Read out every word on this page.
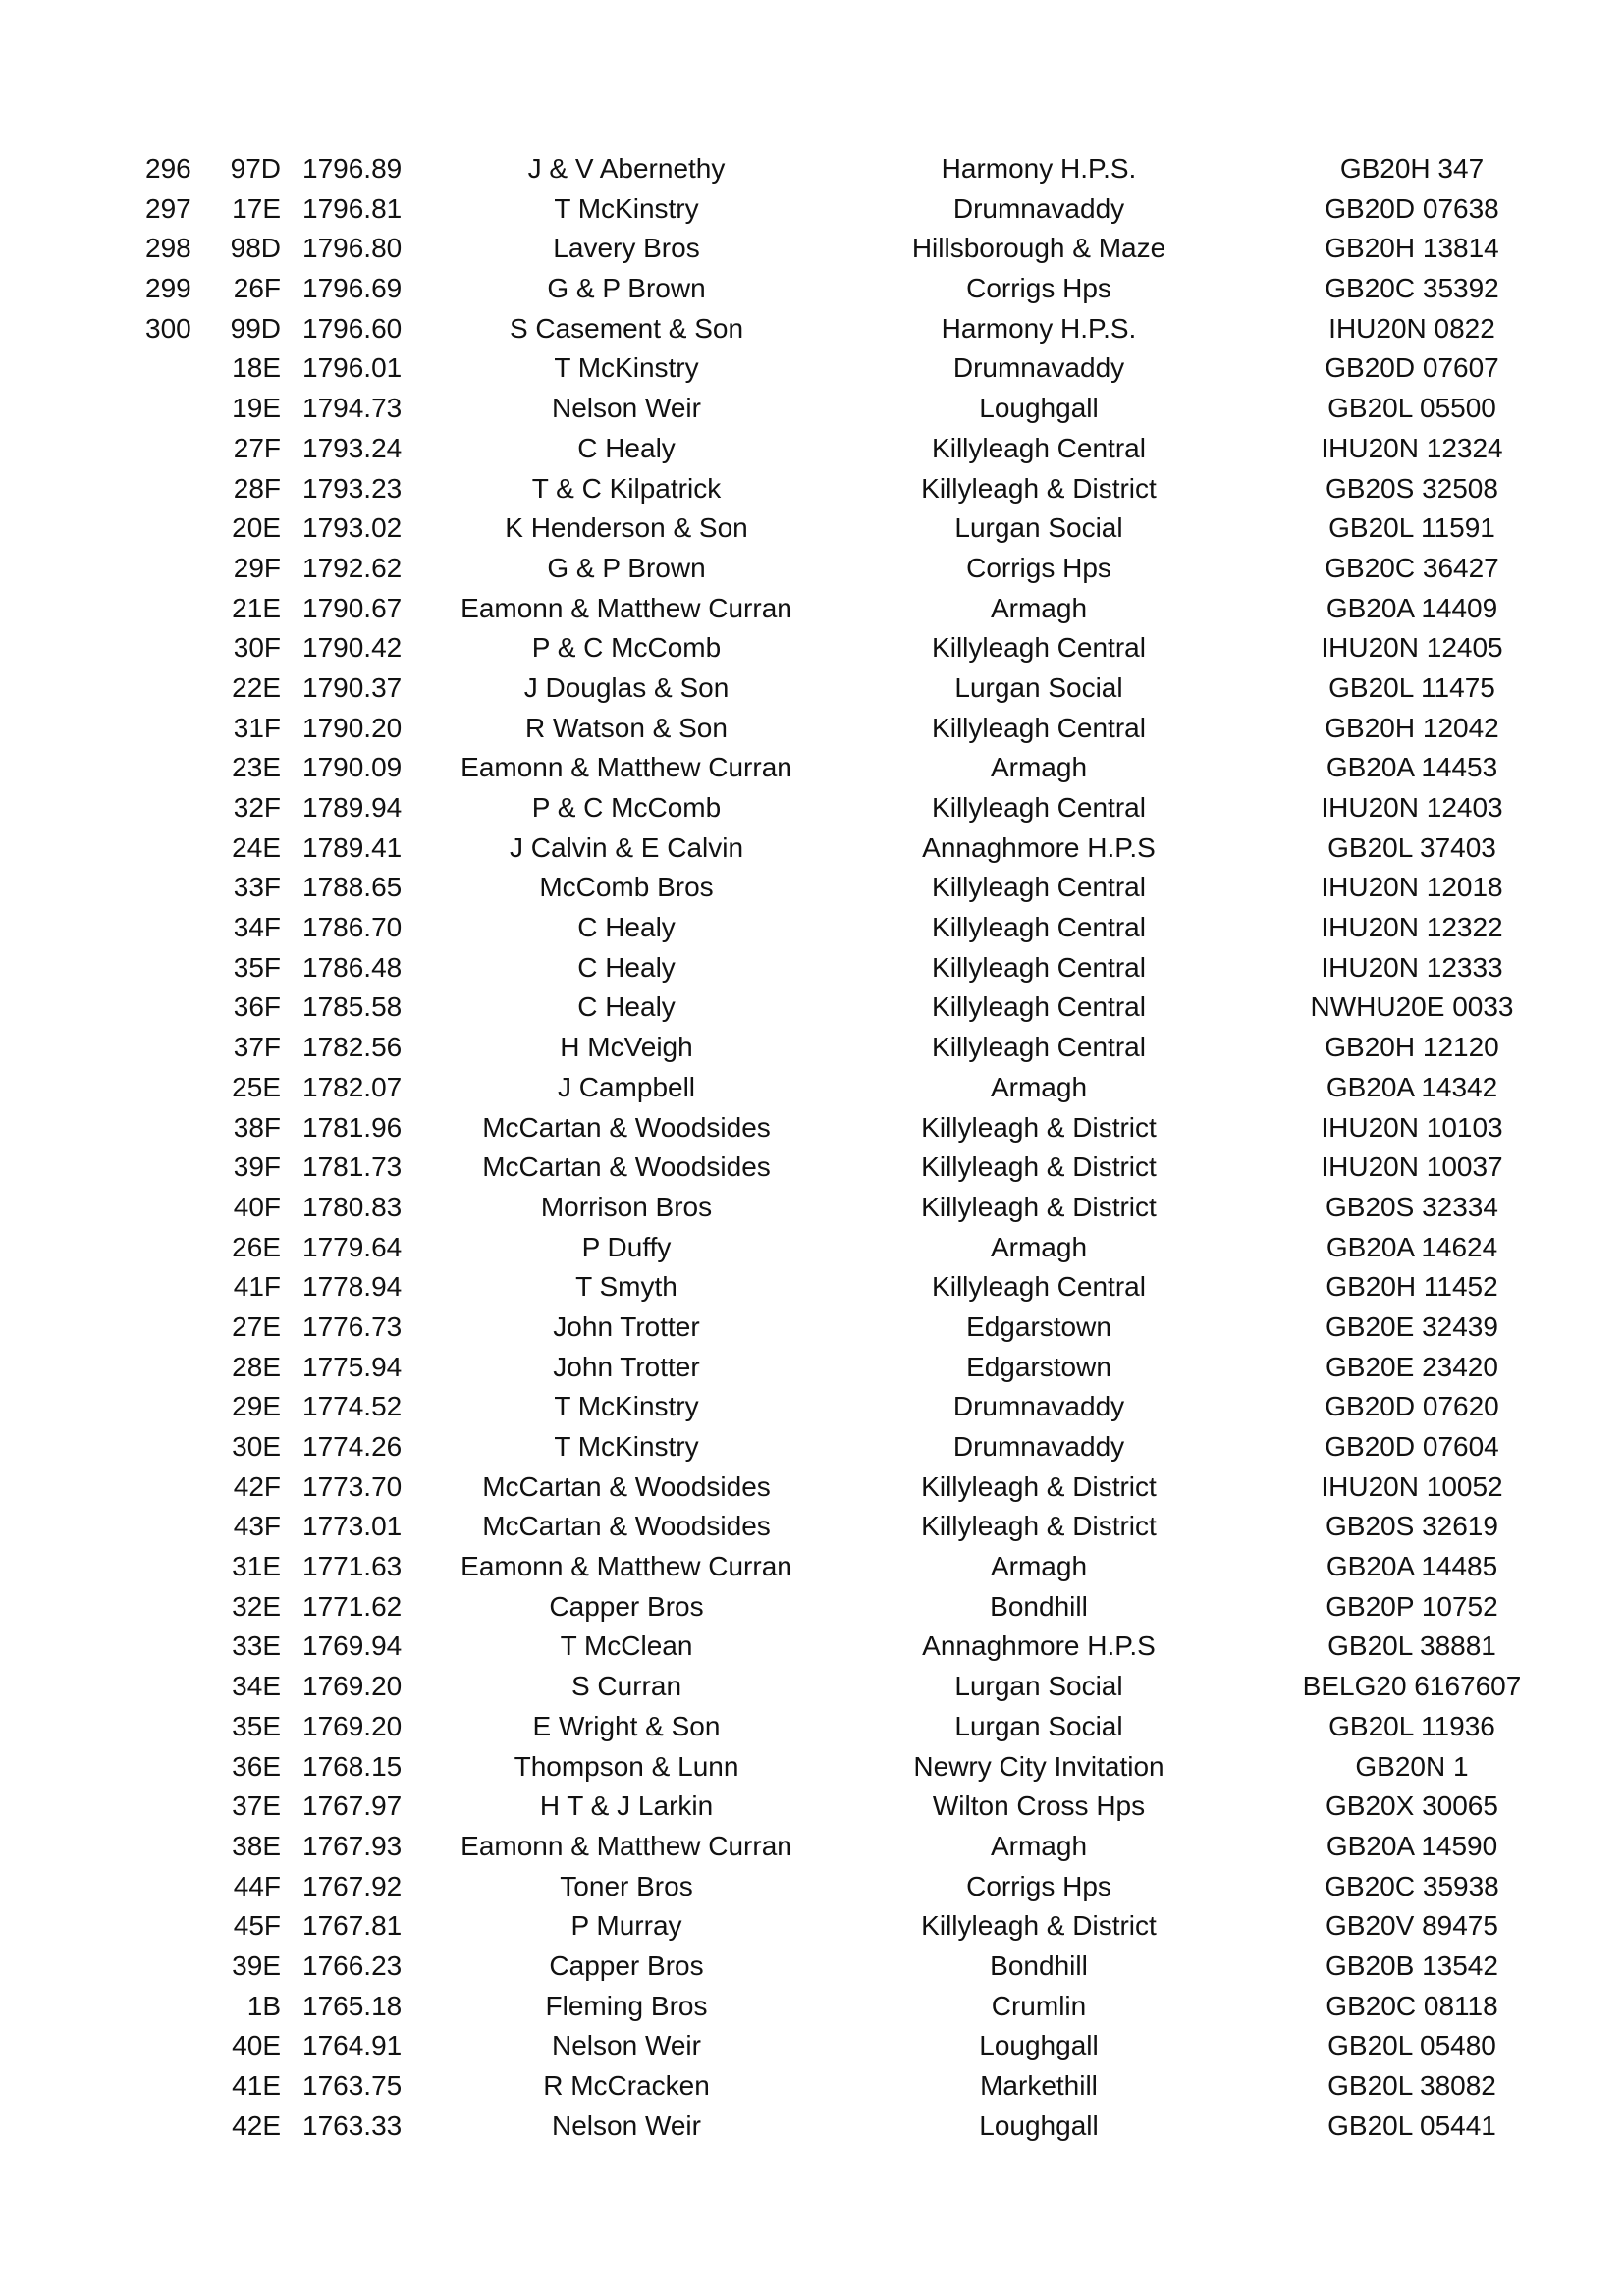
296	97D 1796.89	J & V Abernethy	Harmony H.P.S.	GB20H 347
297	17E 1796.81	T McKinstry	Drumnavaddy	GB20D 07638
298	98D 1796.80	Lavery Bros	Hillsborough & Maze	GB20H 13814
299	26F 1796.69	G & P Brown	Corrigs Hps	GB20C 35392
300	99D 1796.60	S Casement & Son	Harmony H.P.S.	IHU20N 0822
18E 1796.01	T McKinstry	Drumnavaddy	GB20D 07607
19E 1794.73	Nelson Weir	Loughgall	GB20L 05500
27F 1793.24	C Healy	Killyleagh Central	IHU20N 12324
28F 1793.23	T & C Kilpatrick	Killyleagh & District	GB20S 32508
20E 1793.02	K Henderson & Son	Lurgan Social	GB20L 11591
29F 1792.62	G & P Brown	Corrigs Hps	GB20C 36427
21E 1790.67	Eamonn & Matthew Curran	Armagh	GB20A 14409
30F 1790.42	P & C McComb	Killyleagh Central	IHU20N 12405
22E 1790.37	J Douglas & Son	Lurgan Social	GB20L 11475
31F 1790.20	R Watson & Son	Killyleagh Central	GB20H 12042
23E 1790.09	Eamonn & Matthew Curran	Armagh	GB20A 14453
32F 1789.94	P & C McComb	Killyleagh Central	IHU20N 12403
24E 1789.41	J Calvin & E Calvin	Annaghmore H.P.S	GB20L 37403
33F 1788.65	McComb Bros	Killyleagh Central	IHU20N 12018
34F 1786.70	C Healy	Killyleagh Central	IHU20N 12322
35F 1786.48	C Healy	Killyleagh Central	IHU20N 12333
36F 1785.58	C Healy	Killyleagh Central	NWHU20E 0033
37F 1782.56	H McVeigh	Killyleagh Central	GB20H 12120
25E 1782.07	J Campbell	Armagh	GB20A 14342
38F 1781.96	McCartan & Woodsides	Killyleagh & District	IHU20N 10103
39F 1781.73	McCartan & Woodsides	Killyleagh & District	IHU20N 10037
40F 1780.83	Morrison Bros	Killyleagh & District	GB20S 32334
26E 1779.64	P Duffy	Armagh	GB20A 14624
41F 1778.94	T Smyth	Killyleagh Central	GB20H 11452
27E 1776.73	John Trotter	Edgarstown	GB20E 32439
28E 1775.94	John Trotter	Edgarstown	GB20E 23420
29E 1774.52	T McKinstry	Drumnavaddy	GB20D 07620
30E 1774.26	T McKinstry	Drumnavaddy	GB20D 07604
42F 1773.70	McCartan & Woodsides	Killyleagh & District	IHU20N 10052
43F 1773.01	McCartan & Woodsides	Killyleagh & District	GB20S 32619
31E 1771.63	Eamonn & Matthew Curran	Armagh	GB20A 14485
32E 1771.62	Capper Bros	Bondhill	GB20P 10752
33E 1769.94	T McClean	Annaghmore H.P.S	GB20L 38881
34E 1769.20	S Curran	Lurgan Social	BELG20 6167607
35E 1769.20	E Wright & Son	Lurgan Social	GB20L 11936
36E 1768.15	Thompson & Lunn	Newry City Invitation	GB20N 1
37E 1767.97	H T & J Larkin	Wilton Cross Hps	GB20X 30065
38E 1767.93	Eamonn & Matthew Curran	Armagh	GB20A 14590
44F 1767.92	Toner Bros	Corrigs Hps	GB20C 35938
45F 1767.81	P Murray	Killyleagh & District	GB20V 89475
39E 1766.23	Capper Bros	Bondhill	GB20B 13542
1B 1765.18	Fleming Bros	Crumlin	GB20C 08118
40E 1764.91	Nelson Weir	Loughgall	GB20L 05480
41E 1763.75	R McCracken	Markethill	GB20L 38082
42E 1763.33	Nelson Weir	Loughgall	GB20L 05441
